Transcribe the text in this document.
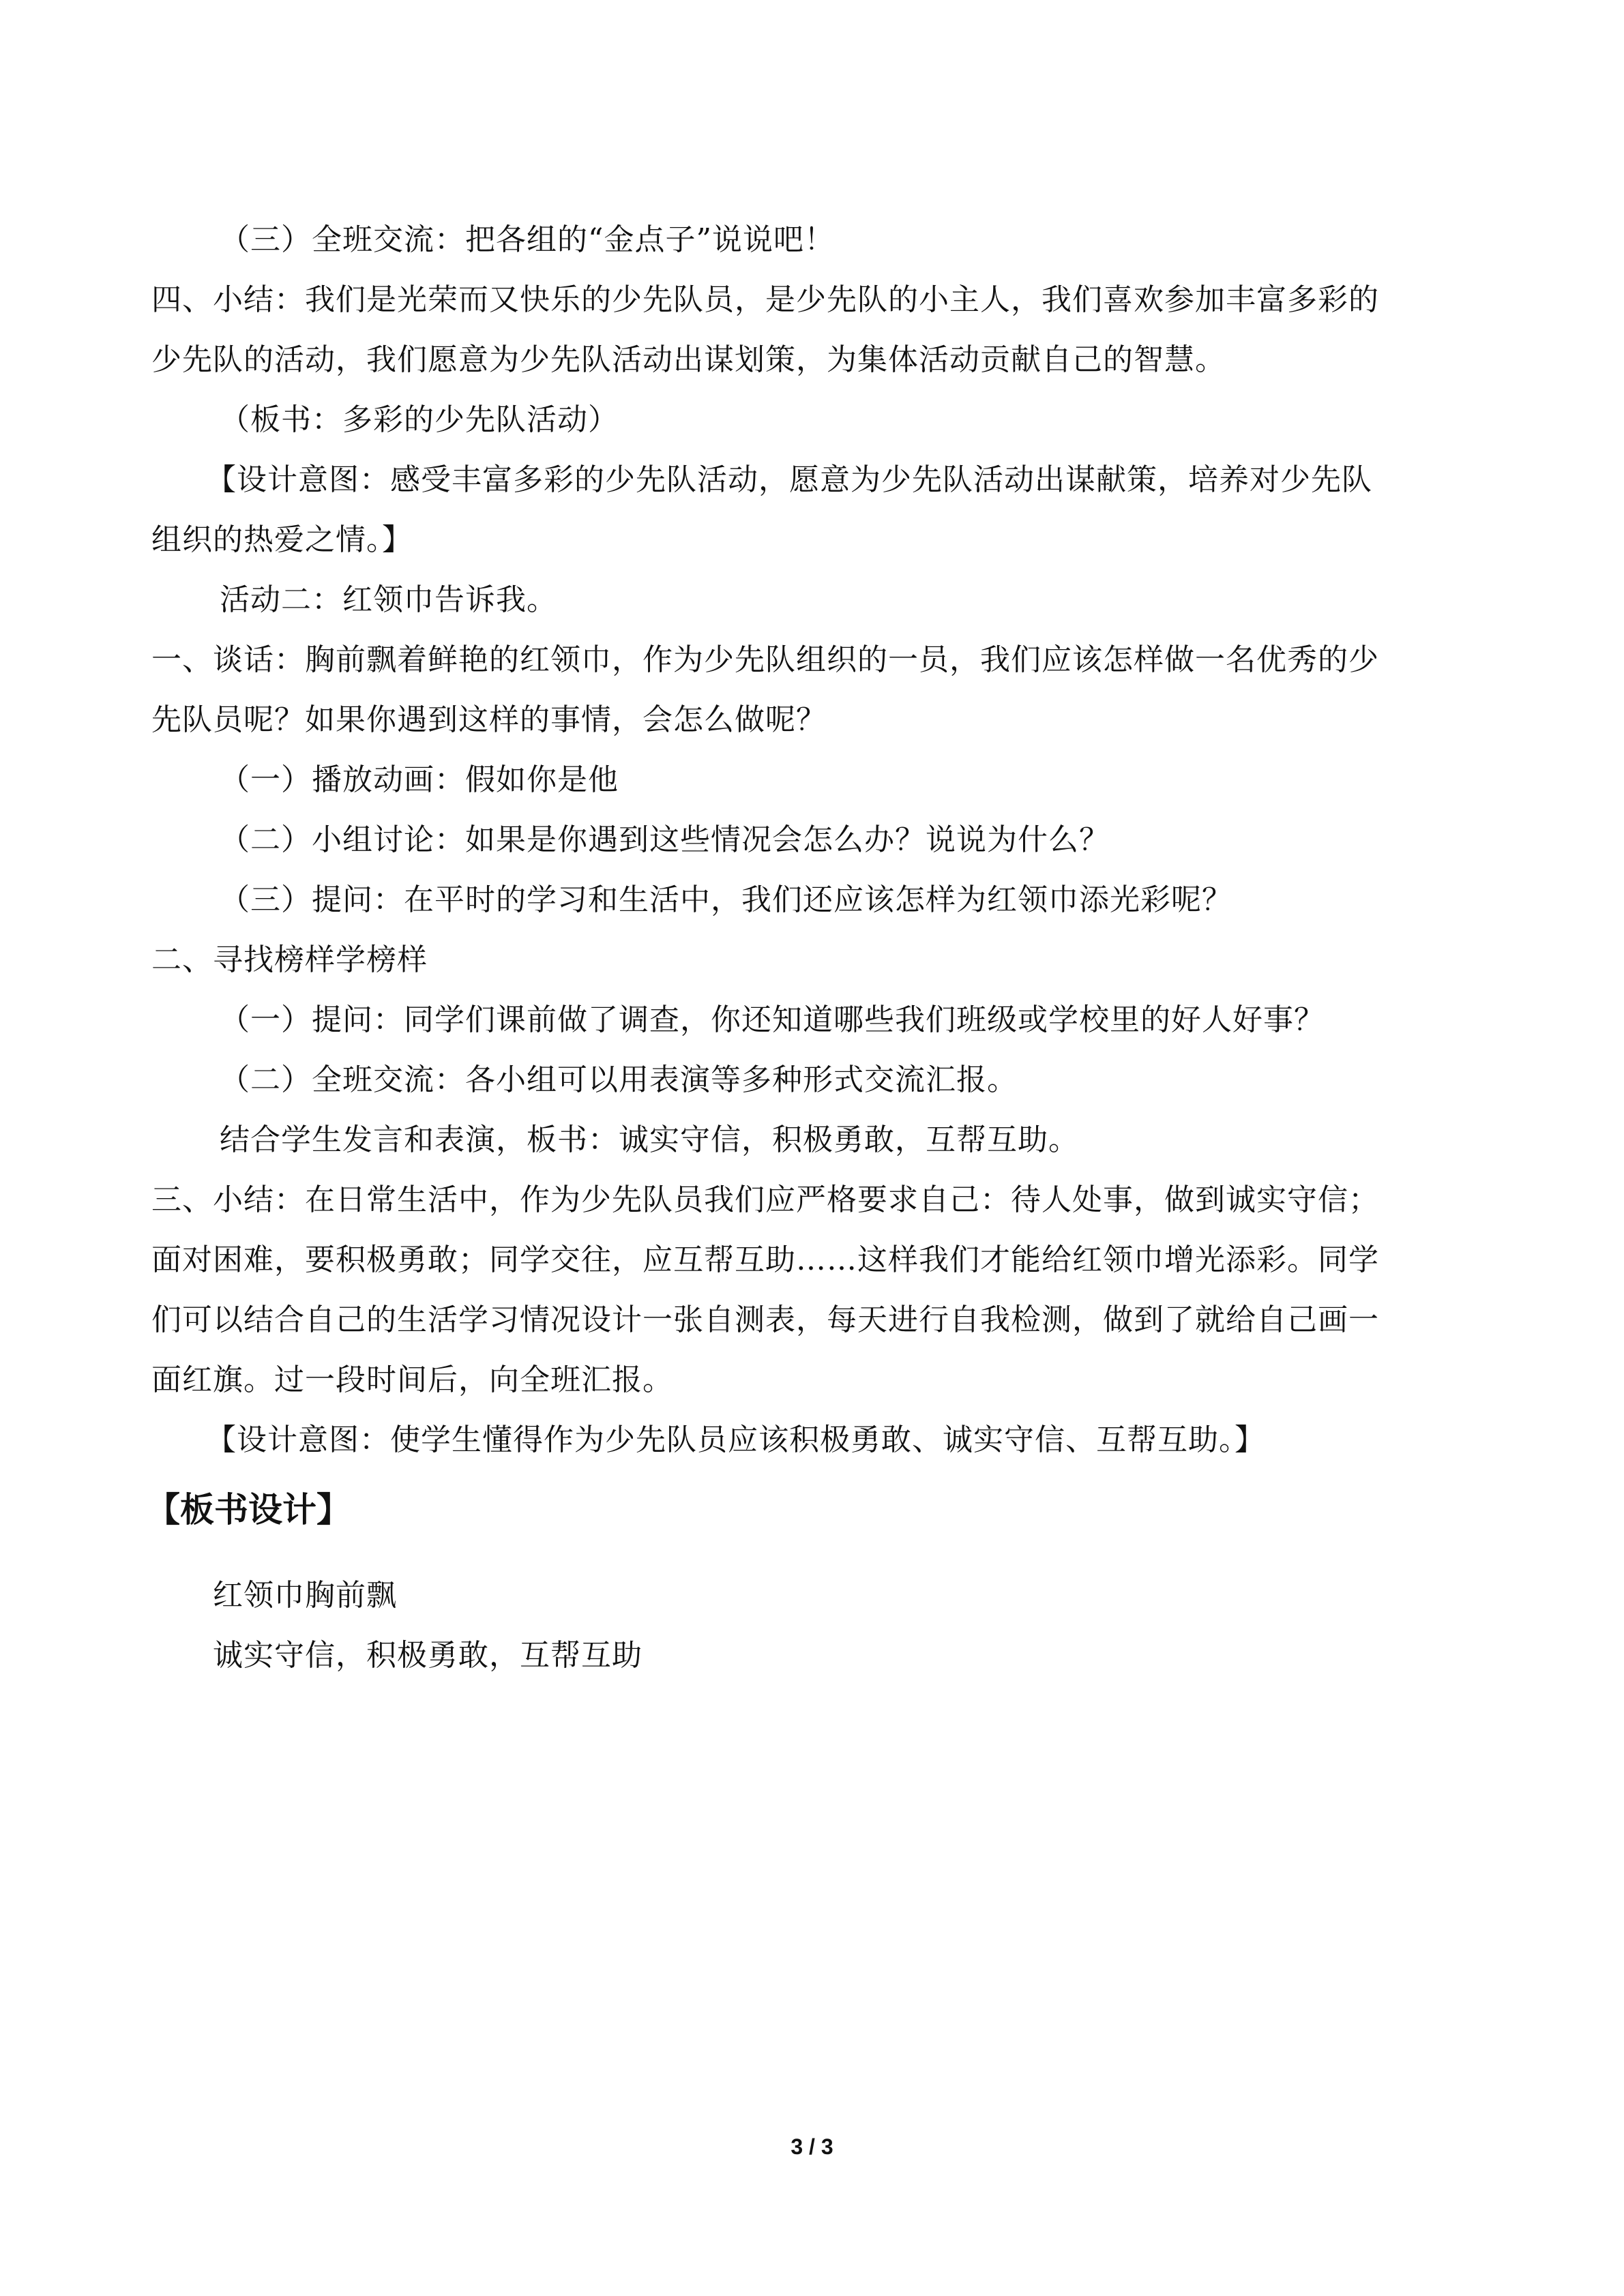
（三）全班交流：把各组的“金点子”说说吧！
四、小结：我们是光荣而又快乐的少先队员，是少先队的小主人，我们喜欢参加丰富多彩的
少先队的活动，我们愿意为少先队活动出谋划策，为集体活动贡献自己的智慧。
（板书：多彩的少先队活动）
【设计意图：感受丰富多彩的少先队活动，愿意为少先队活动出谋献策，培养对少先队
组织的热爱之情。】
活动二：红领巾告诉我。
一、谈话：胸前飘着鲜艳的红领巾，作为少先队组织的一员，我们应该怎样做一名优秀的少
先队员呢？如果你遇到这样的事情，会怎么做呢？
（一）播放动画：假如你是他
（二）小组讨论：如果是你遇到这些情况会怎么办？说说为什么？
（三）提问：在平时的学习和生活中，我们还应该怎样为红领巾添光彩呢？
二、寻找榜样学榜样
（一）提问：同学们课前做了调查，你还知道哪些我们班级或学校里的好人好事？
（二）全班交流：各小组可以用表演等多种形式交流汇报。
结合学生发言和表演，板书：诚实守信，积极勇敢，互帮互助。
三、小结：在日常生活中，作为少先队员我们应严格要求自己：待人处事，做到诚实守信；
面对困难，要积极勇敢；同学交往，应互帮互助……这样我们才能给红领巾增光添彩。同学
们可以结合自己的生活学习情况设计一张自测表，每天进行自我检测，做到了就给自己画一
面红旗。过一段时间后，向全班汇报。
【设计意图：使学生懂得作为少先队员应该积极勇敢、诚实守信、互帮互助。】
【板书设计】
红领巾胸前飘
诚实守信，积极勇敢，互帮互助
3 / 3
